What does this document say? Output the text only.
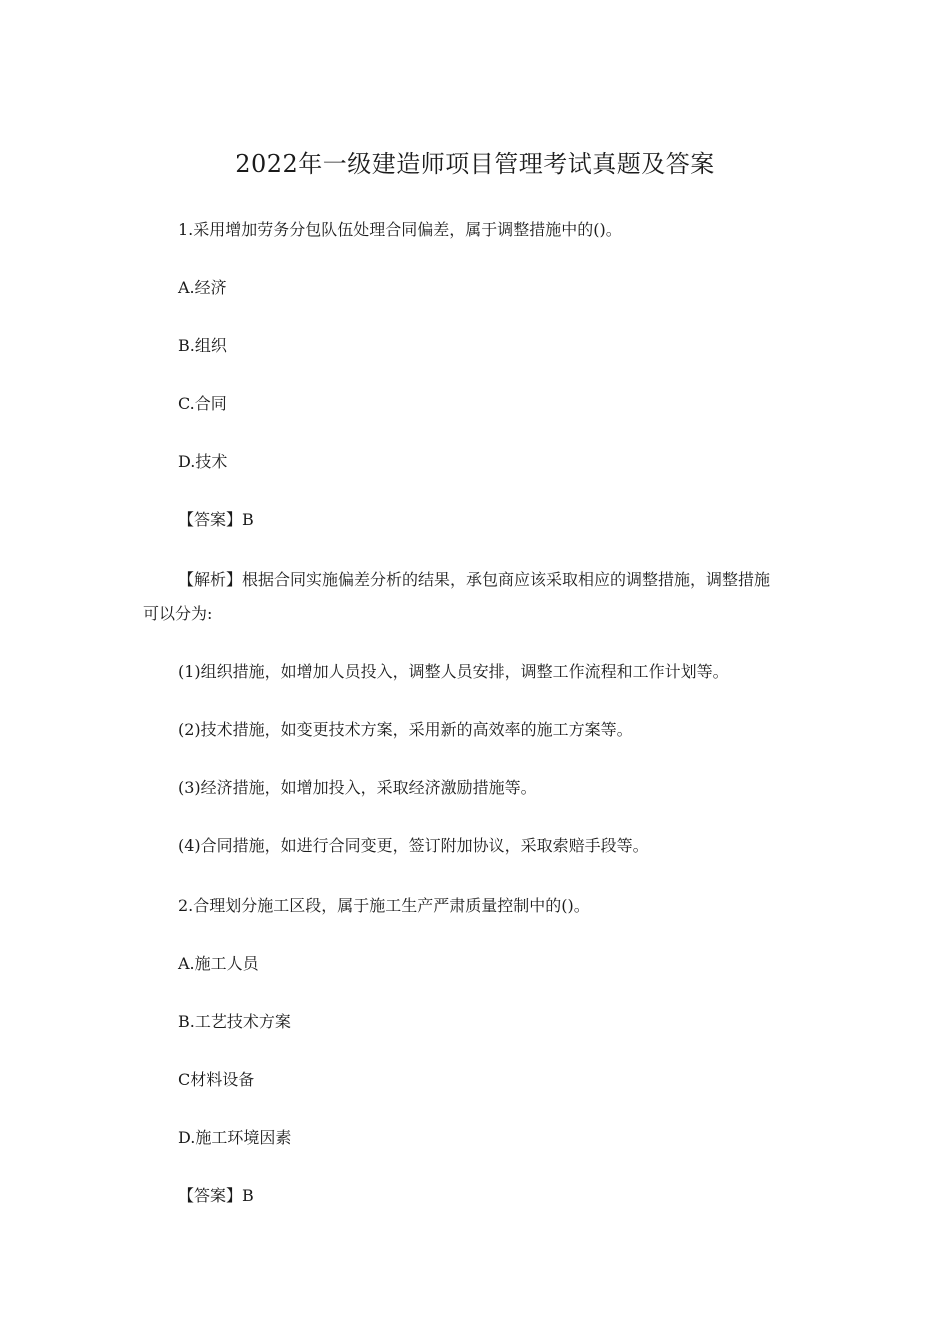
2022年一级建造师项目管理考试真题及答案
1.采用增加劳务分包队伍处理合同偏差，属于调整措施中的()。
A.经济
B.组织
C.合同
D.技术
【答案】B
【解析】根据合同实施偏差分析的结果，承包商应该采取相应的调整措施，调整措施
可以分为:
(1)组织措施，如增加人员投入，调整人员安排，调整工作流程和工作计划等。
(2)技术措施，如变更技术方案，采用新的高效率的施工方案等。
(3)经济措施，如增加投入，采取经济激励措施等。
(4)合同措施，如进行合同变更，签订附加协议，采取索赔手段等。
2.合理划分施工区段，属于施工生产严肃质量控制中的()。
A.施工人员
B.工艺技术方案
C材料设备
D.施工环境因素
【答案】B
